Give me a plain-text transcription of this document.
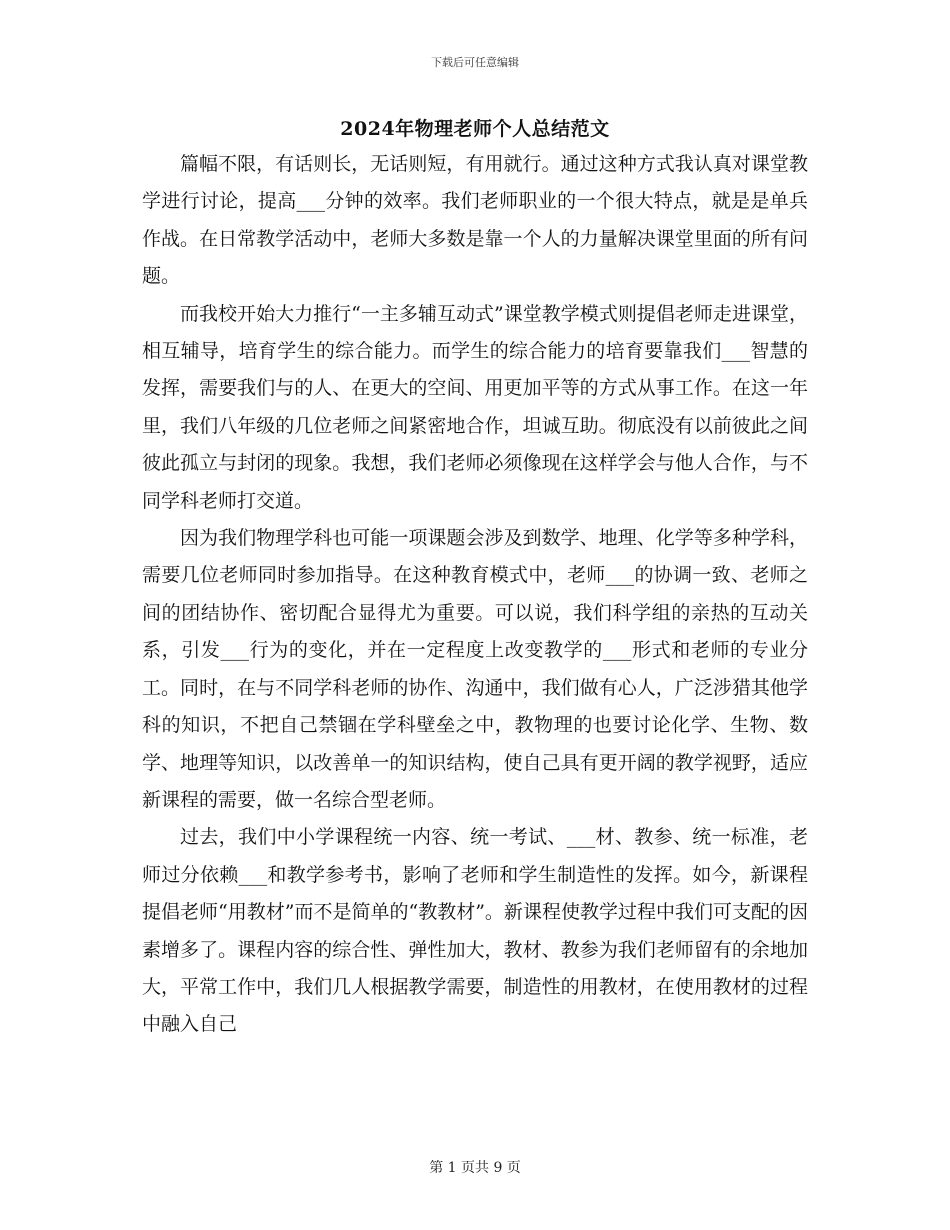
下载后可任意编辑
2024年物理老师个人总结范文

篇幅不限，有话则长，无话则短，有用就行。通过这种方式我认真对课堂教学进行讨论，提高___分钟的效率。我们老师职业的一个很大特点，就是是单兵作战。在日常教学活动中，老师大多数是靠一个人的力量解决课堂里面的所有问题。

而我校开始大力推行“一主多辅互动式”课堂教学模式则提倡老师走进课堂，相互辅导，培育学生的综合能力。而学生的综合能力的培育要靠我们___智慧的发挥，需要我们与的人、在更大的空间、用更加平等的方式从事工作。在这一年里，我们八年级的几位老师之间紧密地合作，坦诚互助。彻底没有以前彼此之间彼此孤立与封闭的现象。我想，我们老师必须像现在这样学会与他人合作，与不同学科老师打交道。

因为我们物理学科也可能一项课题会涉及到数学、地理、化学等多种学科，需要几位老师同时参加指导。在这种教育模式中，老师___的协调一致、老师之间的团结协作、密切配合显得尤为重要。可以说，我们科学组的亲热的互动关系，引发___行为的变化，并在一定程度上改变教学的___形式和老师的专业分工。同时，在与不同学科老师的协作、沟通中，我们做有心人，广泛涉猎其他学科的知识，不把自己禁锢在学科壁垒之中，教物理的也要讨论化学、生物、数学、地理等知识，以改善单一的知识结构，使自己具有更开阔的教学视野，适应新课程的需要，做一名综合型老师。

过去，我们中小学课程统一内容、统一考试、___材、教参、统一标准，老师过分依赖___和教学参考书，影响了老师和学生制造性的发挥。如今，新课程提倡老师“用教材”而不是简单的“教教材”。新课程使教学过程中我们可支配的因素增多了。课程内容的综合性、弹性加大，教材、教参为我们老师留有的余地加大，平常工作中，我们几人根据教学需要，制造性的用教材，在使用教材的过程中融入自己

第 1 页共 9 页
